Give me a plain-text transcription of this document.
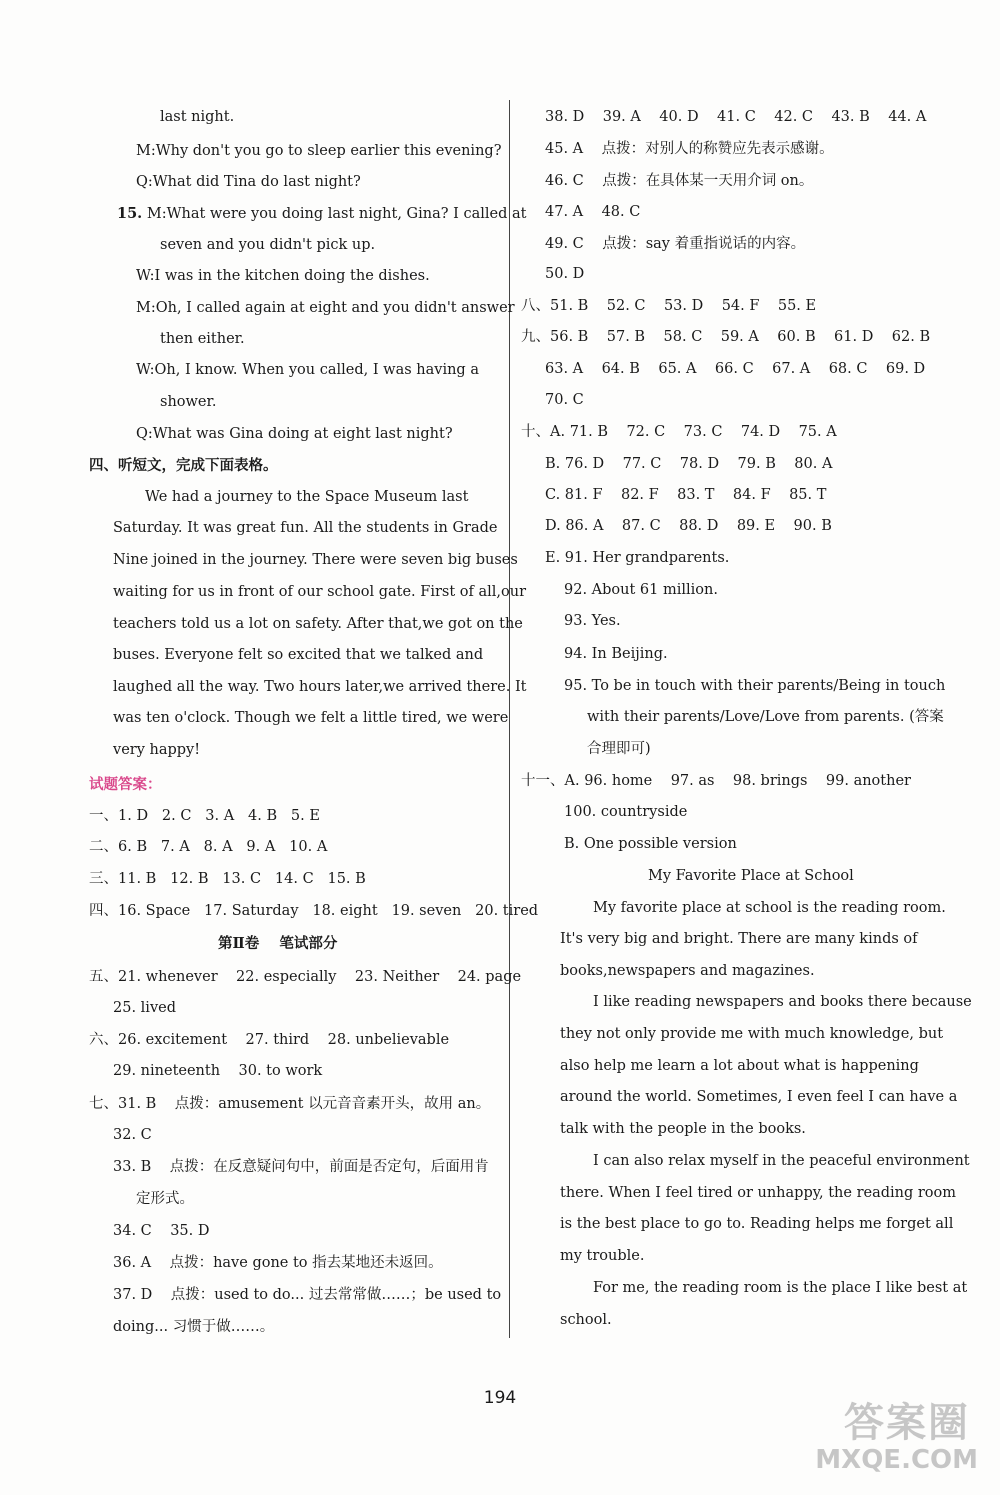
last night.
M:Why don't you go to sleep earlier this evening?
Q:What did Tina do last night?
15. M:What were you doing last night, Gina? I called at
seven and you didn't pick up.
W:I was in the kitchen doing the dishes.
M:Oh, I called again at eight and you didn't answer
then either.
W:Oh, I know. When you called, I was having a
shower.
Q:What was Gina doing at eight last night?
四、听短文，完成下面表格。
We had a journey to the Space Museum last
Saturday. It was great fun. All the students in Grade
Nine joined in the journey. There were seven big buses
waiting for us in front of our school gate. First of all,our
teachers told us a lot on safety. After that,we got on the
buses. Everyone felt so excited that we talked and
laughed all the way. Two hours later,we arrived there. It
was ten o'clock. Though we felt a little tired, we were
very happy!
试题答案：
一、1. D   2. C   3. A   4. B   5. E
二、6. B   7. A   8. A   9. A   10. A
三、11. B   12. B   13. C   14. C   15. B
四、16. Space   17. Saturday   18. eight   19. seven   20. tired
第Ⅱ卷    笔试部分
五、21. whenever    22. especially    23. Neither    24. page
25. lived
六、26. excitement    27. third    28. unbelievable
29. nineteenth    30. to work
七、31. B    点拨：amusement 以元音音素开头，故用 an。
32. C
33. B    点拨：在反意疑问句中，前面是否定句，后面用肯
定形式。
34. C    35. D
36. A    点拨：have gone to 指去某地还未返回。
37. D    点拨：used to do... 过去常常做……；be used to
doing... 习惯于做……。
38. D    39. A    40. D    41. C    42. C    43. B    44. A
45. A    点拨：对别人的称赞应先表示感谢。
46. C    点拨：在具体某一天用介词 on。
47. A    48. C
49. C    点拨：say 着重指说话的内容。
50. D
八、51. B    52. C    53. D    54. F    55. E
九、56. B    57. B    58. C    59. A    60. B    61. D    62. B
63. A    64. B    65. A    66. C    67. A    68. C    69. D
70. C
十、A. 71. B    72. C    73. C    74. D    75. A
B. 76. D    77. C    78. D    79. B    80. A
C. 81. F    82. F    83. T    84. F    85. T
D. 86. A    87. C    88. D    89. E    90. B
E. 91. Her grandparents.
92. About 61 million.
93. Yes.
94. In Beijing.
95. To be in touch with their parents/Being in touch
with their parents/Love/Love from parents. (答案
合理即可)
十一、A. 96. home    97. as    98. brings    99. another
100. countryside
B. One possible version
My Favorite Place at School
My favorite place at school is the reading room.
It's very big and bright. There are many kinds of
books,newspapers and magazines.
I like reading newspapers and books there because
they not only provide me with much knowledge, but
also help me learn a lot about what is happening
around the world. Sometimes, I even feel I can have a
talk with the people in the books.
I can also relax myself in the peaceful environment
there. When I feel tired or unhappy, the reading room
is the best place to go to. Reading helps me forget all
my trouble.
For me, the reading room is the place I like best at
school.
194
答案圈
MXQE.COM
